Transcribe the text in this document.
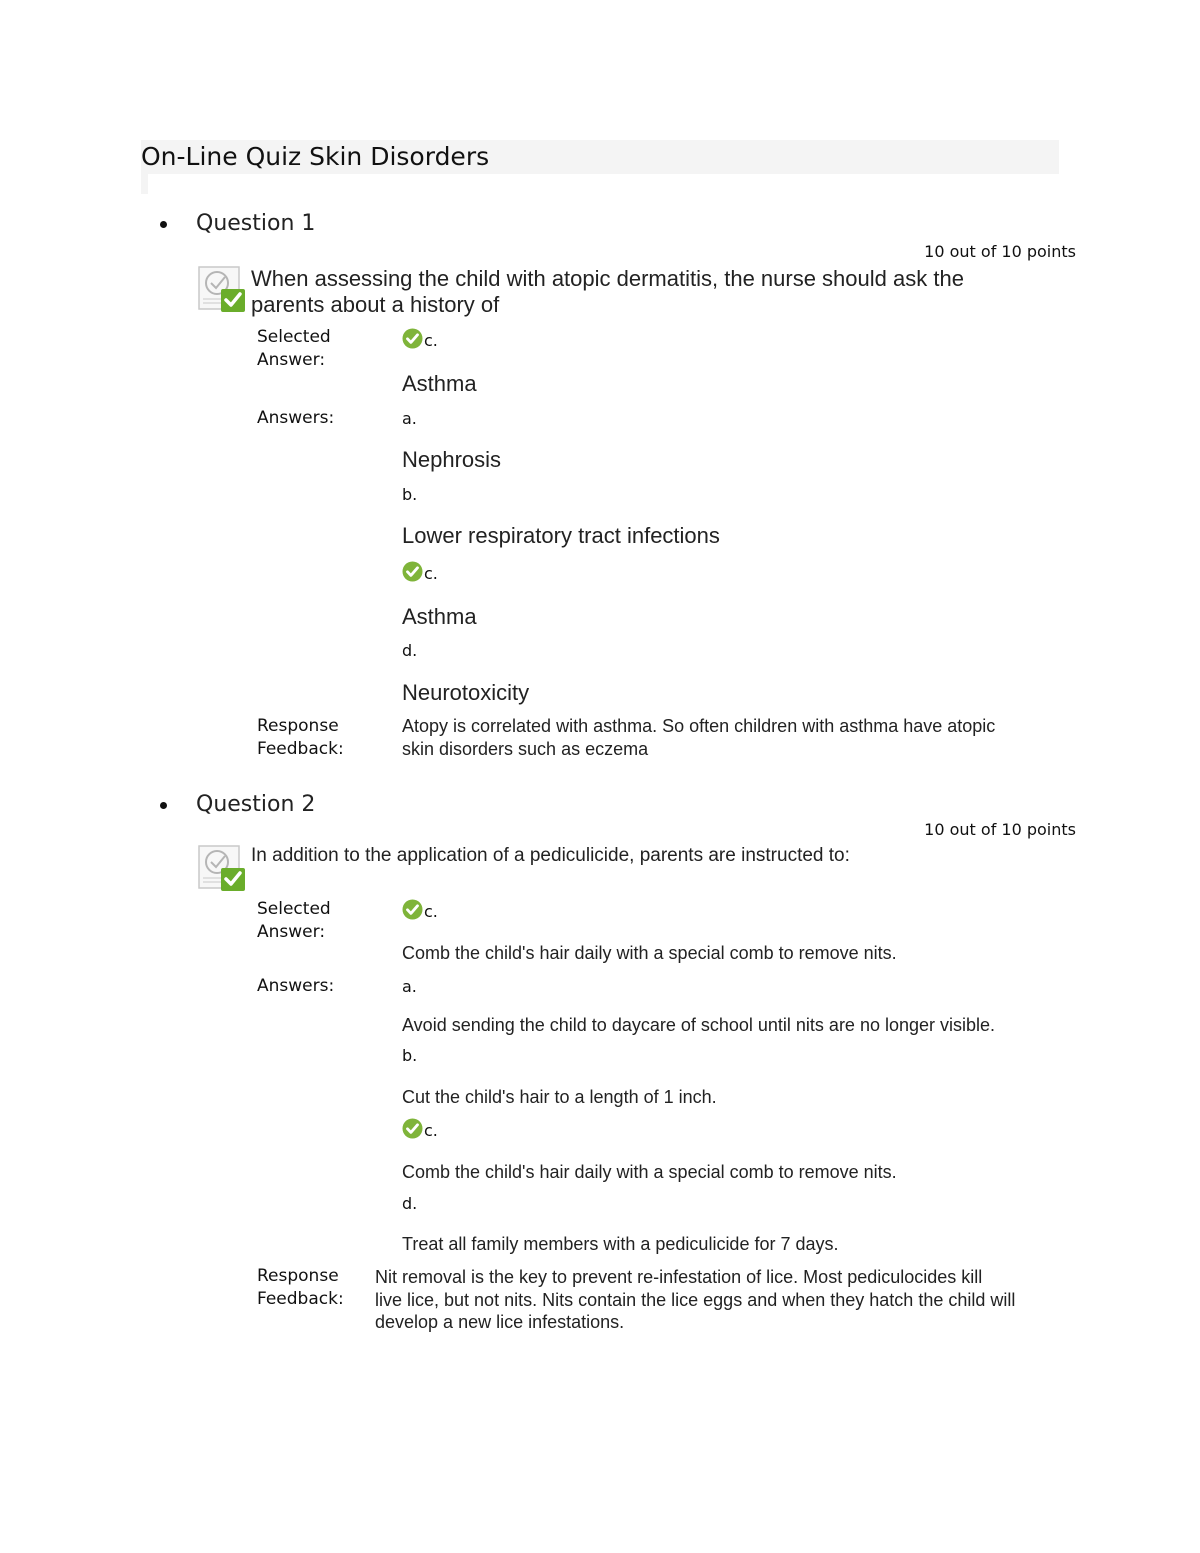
On-Line Quiz Skin Disorders
Question 1
10 out of 10 points
When assessing the child with atopic dermatitis, the nurse should ask the
parents about a history of
Selected
Answer:
c.
Asthma
Answers:	a.
Nephrosis
b.
Lower respiratory tract infections
c.
Asthma
d.
Neurotoxicity
Response
Feedback:
Atopy is correlated with asthma. So often children with asthma have atopic
skin disorders such as eczema
Question 2
10 out of 10 points
In addition to the application of a pediculicide, parents are instructed to:
Selected
Answer:
c.
Comb the child's hair daily with a special comb to remove nits.
Answers:	a.
Avoid sending the child to daycare of school until nits are no longer visible.
b.
Cut the child's hair to a length of 1 inch.
c.
Comb the child's hair daily with a special comb to remove nits.
d.
Treat all family members with a pediculicide for 7 days.
Response
Feedback:
Nit removal is the key to prevent re-infestation of lice. Most pediculocides kill
live lice, but not nits. Nits contain the lice eggs and when they hatch the child will
develop a new lice infestations.
